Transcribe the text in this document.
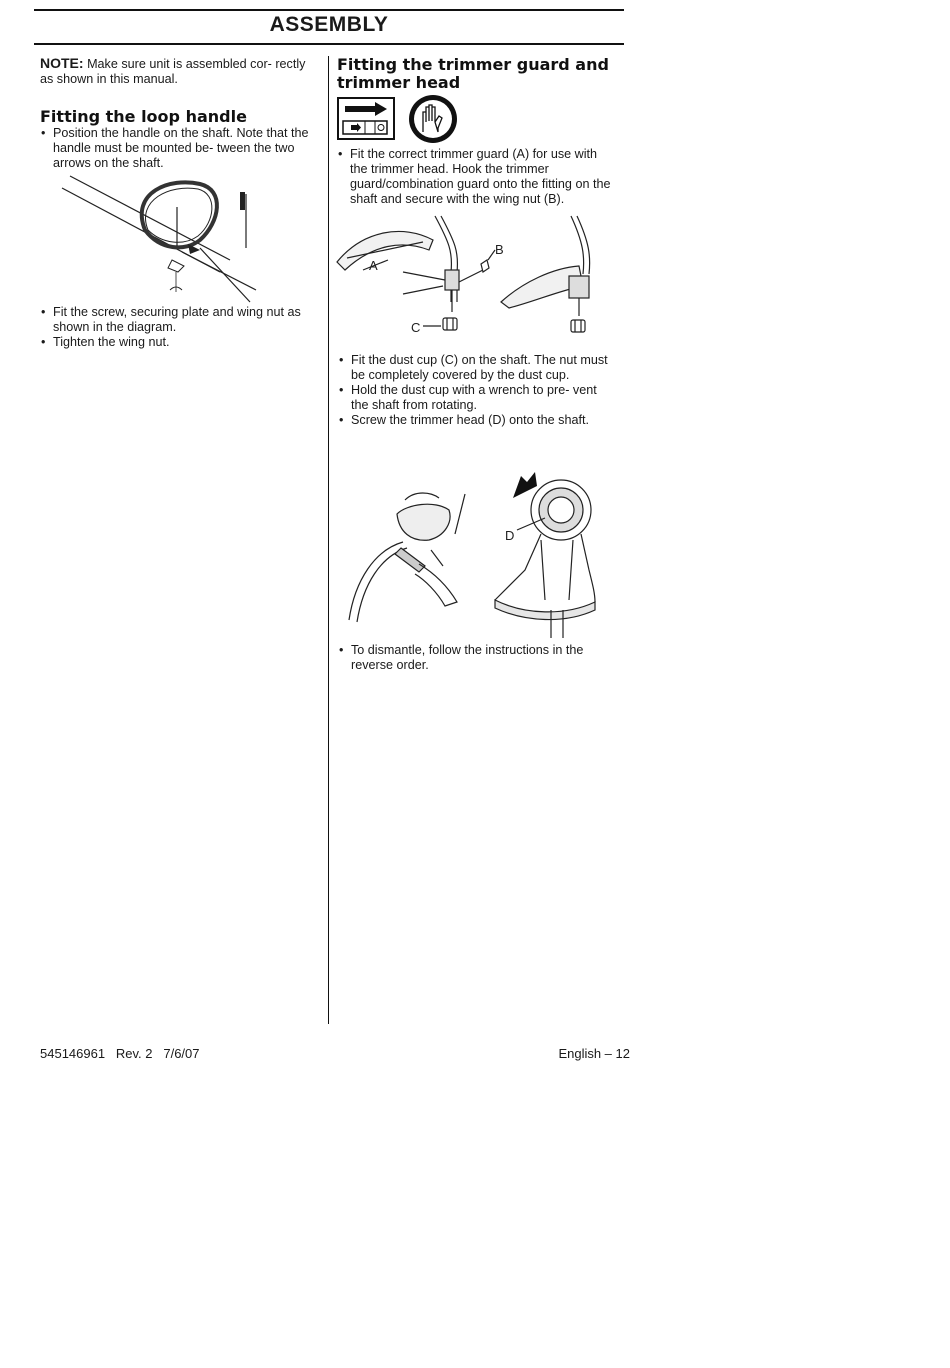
ASSEMBLY
NOTE: Make sure unit is assembled cor- rectly as shown in this manual.
Fitting the loop handle
• Position the handle on the shaft. Note that the handle must be mounted be- tween the two arrows on the shaft.
• Fit the screw, securing plate and wing nut as shown in the diagram.
• Tighten the wing nut.
Fitting the trimmer guard and trimmer head
• Fit the correct trimmer guard (A) for use with the trimmer head. Hook the trimmer guard/combination guard onto the fitting on the shaft and secure with the wing nut (B).
A
B
C
• Fit the dust cup (C) on the shaft. The nut must be completely covered by the dust cup.
• Hold the dust cup with a wrench to pre- vent the shaft from rotating.
• Screw the trimmer head (D) onto the shaft.
D
• To dismantle, follow the instructions in the reverse order.
545146961   Rev. 2   7/6/07	English – 12
